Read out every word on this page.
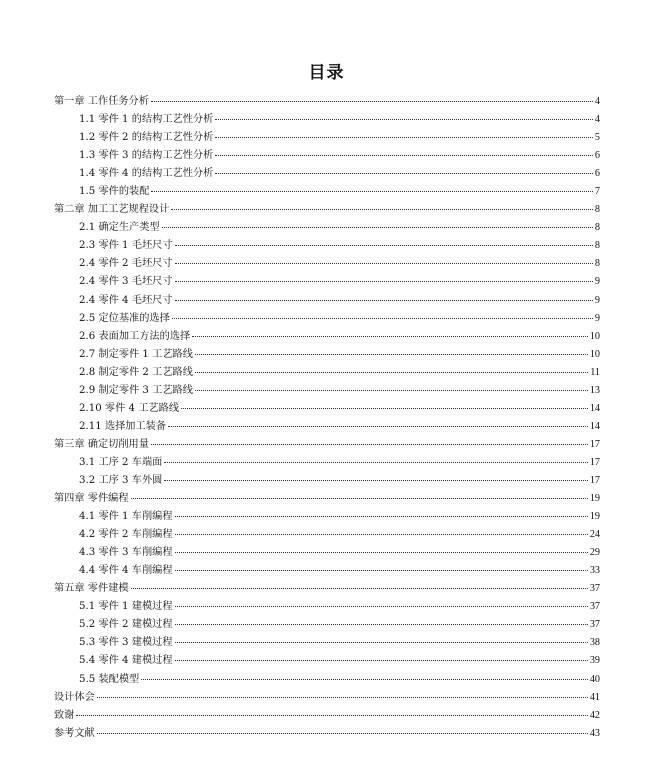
目录
第一章 工作任务分析	4
1.1 零件 1 的结构工艺性分析	4
1.2 零件 2 的结构工艺性分析	5
1.3 零件 3 的结构工艺性分析	6
1.4 零件 4 的结构工艺性分析	6
1.5 零件的装配	7
第二章 加工工艺规程设计	8
2.1 确定生产类型	8
2.3 零件 1 毛坯尺寸	8
2.4 零件 2 毛坯尺寸	8
2.4 零件 3 毛坯尺寸	9
2.4 零件 4 毛坯尺寸	9
2.5 定位基准的选择	9
2.6 表面加工方法的选择	10
2.7 制定零件 1 工艺路线	10
2.8 制定零件 2 工艺路线	11
2.9 制定零件 3 工艺路线	13
2.10 零件 4 工艺路线	14
2.11 选择加工装备	14
第三章 确定切削用量	17
3.1 工序 2 车端面	17
3.2 工序 3 车外圆	17
第四章 零件编程	19
4.1 零件 1 车削编程	19
4.2 零件 2 车削编程	24
4.3 零件 3 车削编程	29
4.4 零件 4 车削编程	33
第五章 零件建模	37
5.1 零件 1 建模过程	37
5.2 零件 2 建模过程	37
5.3 零件 3 建模过程	38
5.4 零件 4 建模过程	39
5.5 装配模型	40
设计体会	41
致谢	42
参考文献	43
